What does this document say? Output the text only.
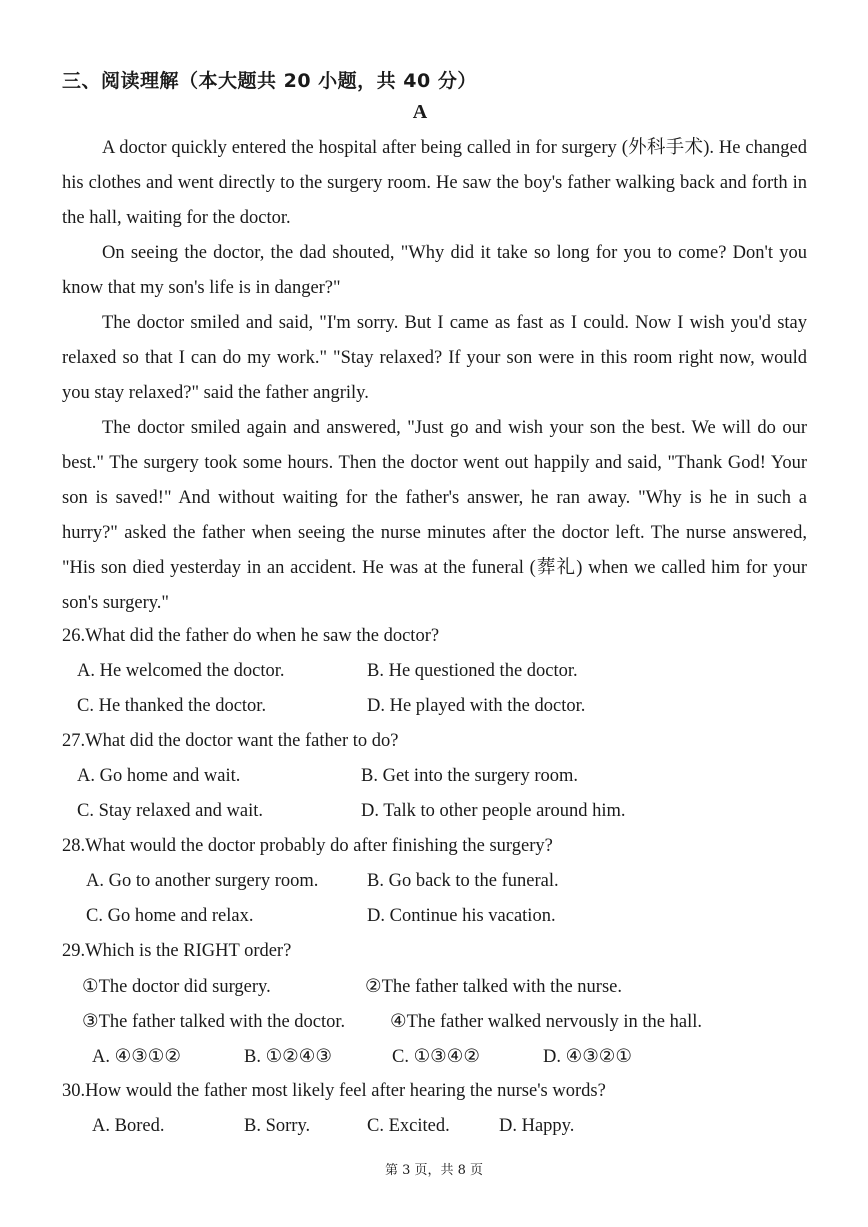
三、阅读理解（本大题共 20 小题，共 40 分）
A

A doctor quickly entered the hospital after being called in for surgery (外科手术). He changed his clothes and went directly to the surgery room. He saw the boy's father walking back and forth in the hall, waiting for the doctor.

On seeing the doctor, the dad shouted, "Why did it take so long for you to come? Don't you know that my son's life is in danger?"

The doctor smiled and said, "I'm sorry. But I came as fast as I could. Now I wish you'd stay relaxed so that I can do my work." "Stay relaxed? If your son were in this room right now, would you stay relaxed?" said the father angrily.

The doctor smiled again and answered, "Just go and wish your son the best. We will do our best." The surgery took some hours. Then the doctor went out happily and said, "Thank God! Your son is saved!" And without waiting for the father's answer, he ran away. "Why is he in such a hurry?" asked the father when seeing the nurse minutes after the doctor left. The nurse answered, "His son died yesterday in an accident. He was at the funeral (葬礼) when we called him for your son's surgery."

26.What did the father do when he saw the doctor?
A. He welcomed the doctor.	B. He questioned the doctor.
C. He thanked the doctor.	D. He played with the doctor.
27.What did the doctor want the father to do?
A. Go home and wait.	B. Get into the surgery room.
C. Stay relaxed and wait.	D. Talk to other people around him.
28.What would the doctor probably do after finishing the surgery?
A. Go to another surgery room.	B. Go back to the funeral.
C. Go home and relax.	D. Continue his vacation.
29.Which is the RIGHT order?
①The doctor did surgery.	②The father talked with the nurse.
③The father talked with the doctor. ④The father walked nervously in the hall.
A. ④③①②	B. ①②④③	C. ①③④②	D. ④③②①
30.How would the father most likely feel after hearing the nurse's words?
A. Bored.	B. Sorry.	C. Excited.	D. Happy.
第 3 页，共 8 页
